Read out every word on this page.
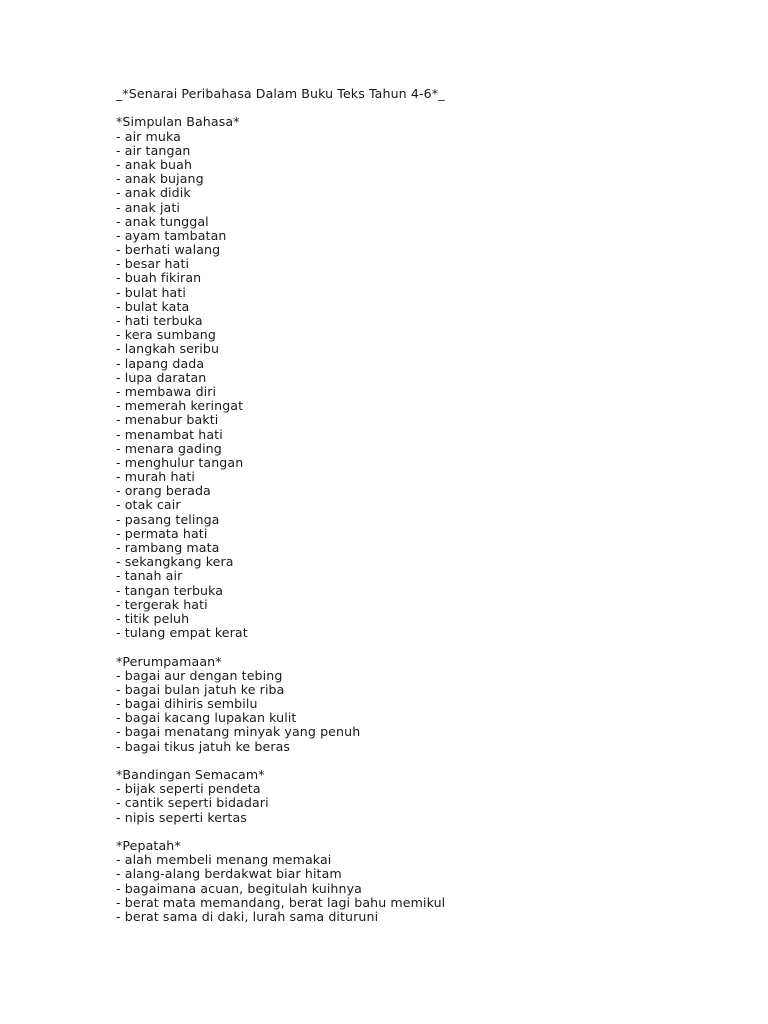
_*Senarai Peribahasa Dalam Buku Teks Tahun 4-6*_
*Simpulan Bahasa*
- air muka
- air tangan
- anak buah
- anak bujang
- anak didik
- anak jati
- anak tunggal
- ayam tambatan
- berhati walang
- besar hati
- buah fikiran
- bulat hati
- bulat kata
- hati terbuka
- kera sumbang
- langkah seribu
- lapang dada
- lupa daratan
- membawa diri
- memerah keringat
- menabur bakti
- menambat hati
- menara gading
- menghulur tangan
- murah hati
- orang berada
- otak cair
- pasang telinga
- permata hati
- rambang mata
- sekangkang kera
- tanah air
- tangan terbuka
- tergerak hati
- titik peluh
- tulang empat kerat
*Perumpamaan*
- bagai aur dengan tebing
- bagai bulan jatuh ke riba
- bagai dihiris sembilu
- bagai kacang lupakan kulit
- bagai menatang minyak yang penuh
- bagai tikus jatuh ke beras
*Bandingan Semacam*
- bijak seperti pendeta
- cantik seperti bidadari
- nipis seperti kertas
*Pepatah*
- alah membeli menang memakai
- alang-alang berdakwat biar hitam
- bagaimana acuan, begitulah kuihnya
- berat mata memandang, berat lagi bahu memikul
- berat sama di daki, lurah sama dituruni
